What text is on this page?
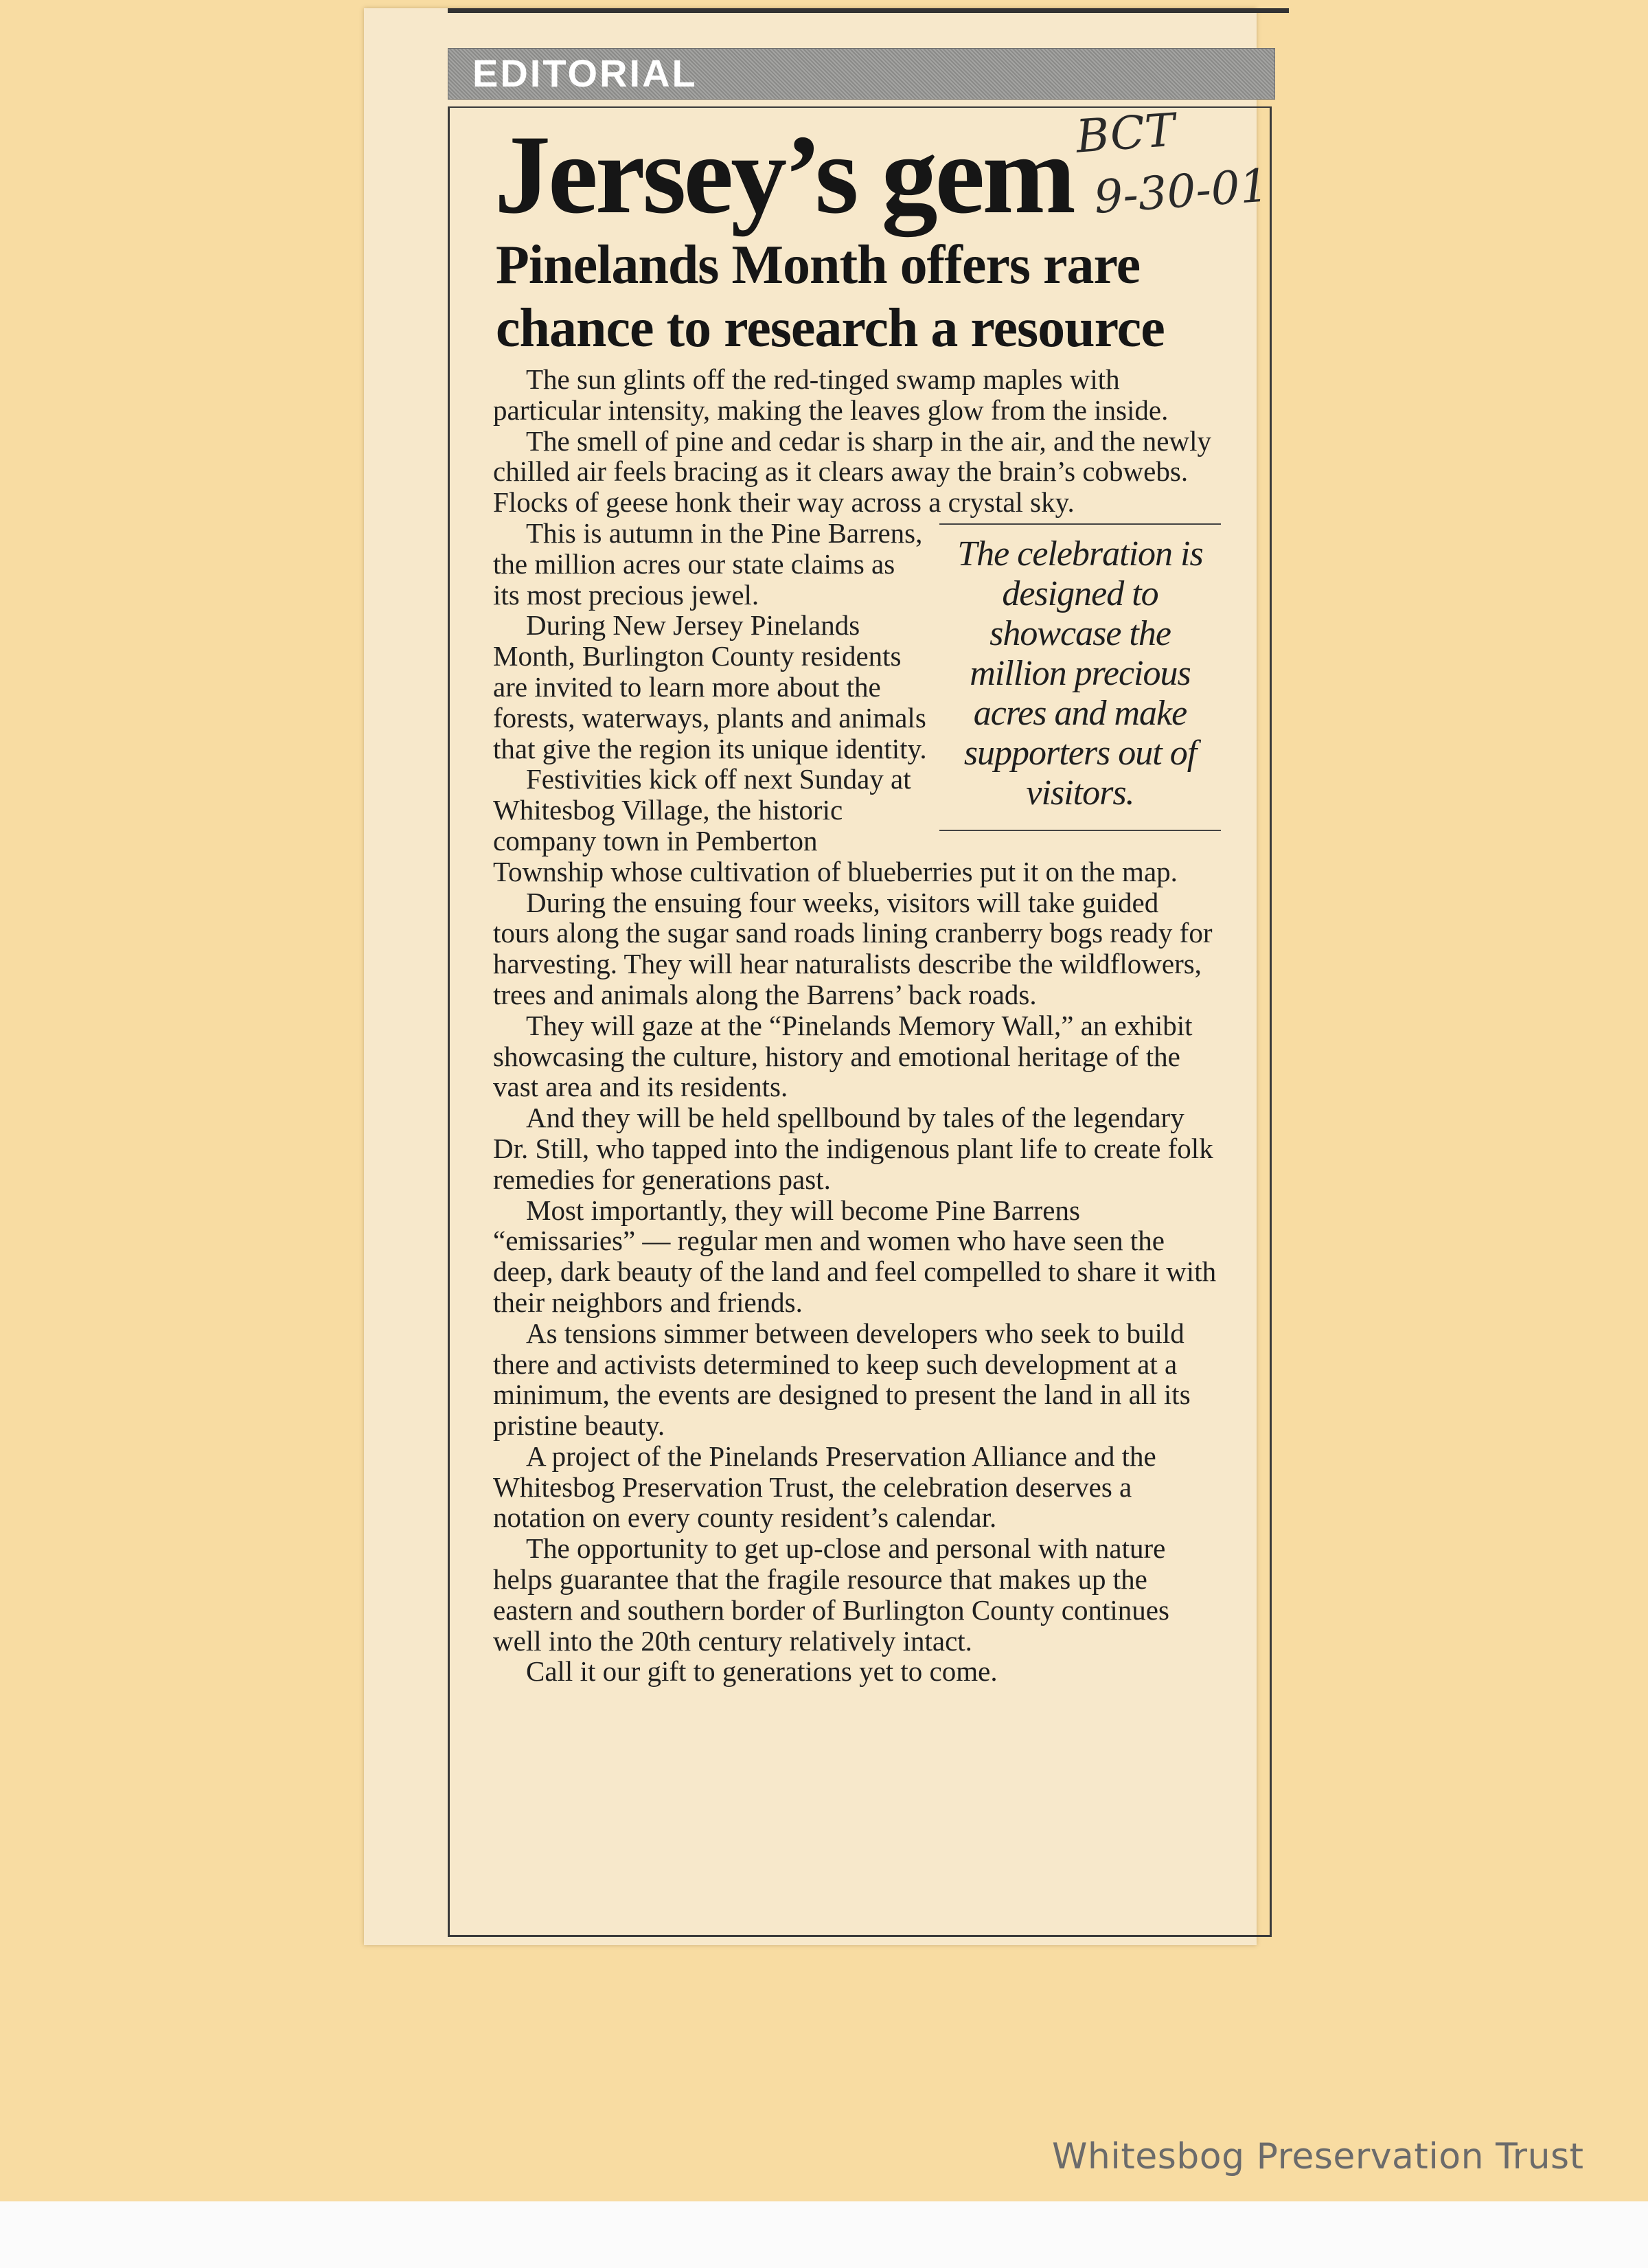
EDITORIAL
Jersey’s gem BCT
9-30-01
Pinelands Month offers rare chance to research a resource

The sun glints off the red-tinged swamp maples with particular intensity, making the leaves glow from the inside.

The smell of pine and cedar is sharp in the air, and the newly chilled air feels bracing as it clears away the brain’s cobwebs. Flocks of geese honk their way across a crystal sky.

The celebration is designed to showcase the million precious acres and make supporters out of visitors.

This is autumn in the Pine Barrens, the million acres our state claims as its most precious jewel.

During New Jersey Pinelands Month, Burlington County residents are invited to learn more about the forests, waterways, plants and animals that give the region its unique identity.

Festivities kick off next Sunday at Whitesbog Village, the historic company town in Pemberton Township whose cultivation of blueberries put it on the map.

During the ensuing four weeks, visitors will take guided tours along the sugar sand roads lining cranberry bogs ready for harvesting. They will hear naturalists describe the wildflowers, trees and animals along the Barrens’ back roads.

They will gaze at the “Pinelands Memory Wall,” an exhibit showcasing the culture, history and emotional heritage of the vast area and its residents.

And they will be held spellbound by tales of the legendary Dr. Still, who tapped into the indigenous plant life to create folk remedies for generations past.

Most importantly, they will become Pine Barrens “emissaries” — regular men and women who have seen the deep, dark beauty of the land and feel compelled to share it with their neighbors and friends.

As tensions simmer between developers who seek to build there and activists determined to keep such development at a minimum, the events are designed to present the land in all its pristine beauty.

A project of the Pinelands Preservation Alliance and the Whitesbog Preservation Trust, the celebration deserves a notation on every county resident’s calendar.

The opportunity to get up-close and personal with nature helps guarantee that the fragile resource that makes up the eastern and southern border of Burlington County continues well into the 20th century relatively intact.

Call it our gift to generations yet to come.

Whitesbog Preservation Trust
